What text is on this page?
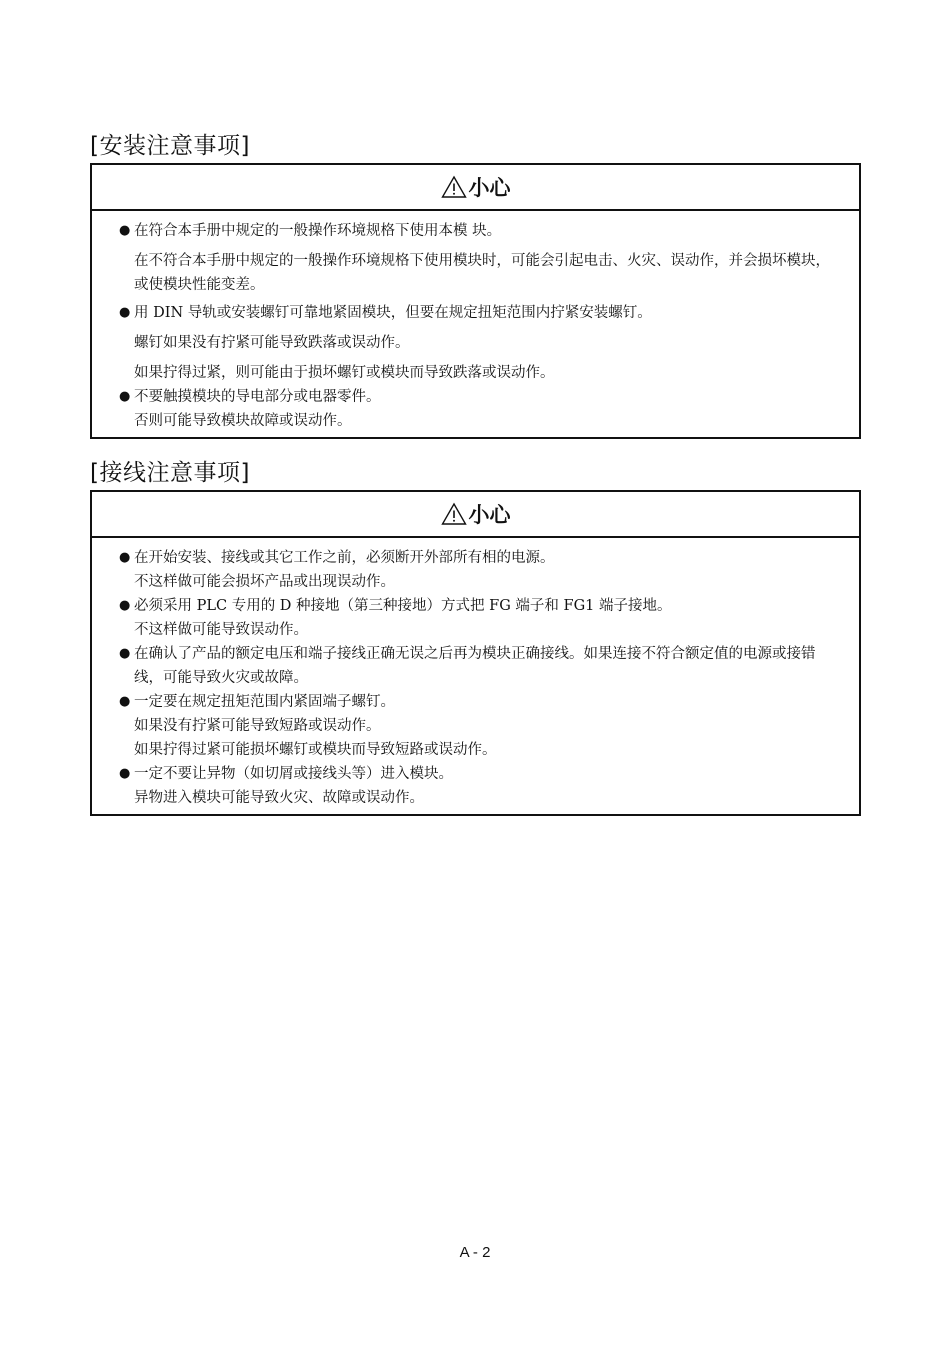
[安装注意事项]
小心
● 在符合本手册中规定的一般操作环境规格下使用本模 块。
在不符合本手册中规定的一般操作环境规格下使用模块时，可能会引起电击、火灾、误动作，并会损坏模块，或使模块性能变差。
● 用 DIN 导轨或安装螺钉可靠地紧固模块，但要在规定扭矩范围内拧紧安装螺钉。
螺钉如果没有拧紧可能导致跌落或误动作。
如果拧得过紧，则可能由于损坏螺钉或模块而导致跌落或误动作。
● 不要触摸模块的导电部分或电器零件。
否则可能导致模块故障或误动作。
[接线注意事项]
小心
● 在开始安装、接线或其它工作之前，必须断开外部所有相的电源。
不这样做可能会损坏产品或出现误动作。
● 必须采用 PLC 专用的 D 种接地（第三种接地）方式把 FG 端子和 FG1 端子接地。
不这样做可能导致误动作。
● 在确认了产品的额定电压和端子接线正确无误之后再为模块正确接线。如果连接不符合额定值的电源或接错线，可能导致火灾或故障。
● 一定要在规定扭矩范围内紧固端子螺钉。
如果没有拧紧可能导致短路或误动作。
如果拧得过紧可能损坏螺钉或模块而导致短路或误动作。
● 一定不要让异物（如切屑或接线头等）进入模块。
异物进入模块可能导致火灾、故障或误动作。
A - 2
